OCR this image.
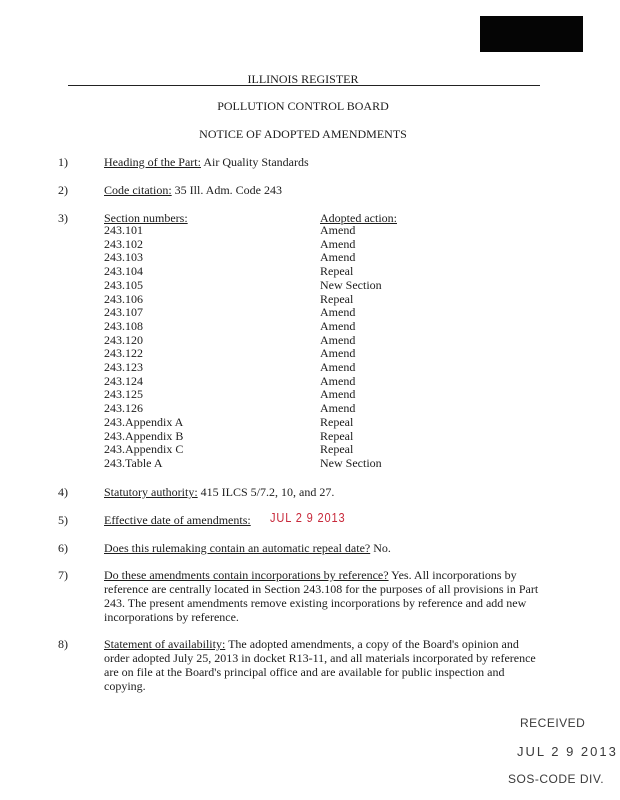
ILLINOIS REGISTER
POLLUTION CONTROL BOARD
NOTICE OF ADOPTED AMENDMENTS
1)	Heading of the Part: Air Quality Standards
2)	Code citation: 35 Ill. Adm. Code 243
3)	Section numbers:	Adopted action:
243.101	Amend
243.102	Amend
243.103	Amend
243.104	Repeal
243.105	New Section
243.106	Repeal
243.107	Amend
243.108	Amend
243.120	Amend
243.122	Amend
243.123	Amend
243.124	Amend
243.125	Amend
243.126	Amend
243.Appendix A	Repeal
243.Appendix B	Repeal
243.Appendix C	Repeal
243.Table A	New Section
4)	Statutory authority: 415 ILCS 5/7.2, 10, and 27.
5)	Effective date of amendments:	JUL 2 9 2013
6)	Does this rulemaking contain an automatic repeal date? No.
7)	Do these amendments contain incorporations by reference? Yes. All incorporations by reference are centrally located in Section 243.108 for the purposes of all provisions in Part 243. The present amendments remove existing incorporations by reference and add new incorporations by reference.
8)	Statement of availability: The adopted amendments, a copy of the Board's opinion and order adopted July 25, 2013 in docket R13-11, and all materials incorporated by reference are on file at the Board's principal office and are available for public inspection and copying.
RECEIVED
JUL 2 9 2013
SOS-CODE DIV.
